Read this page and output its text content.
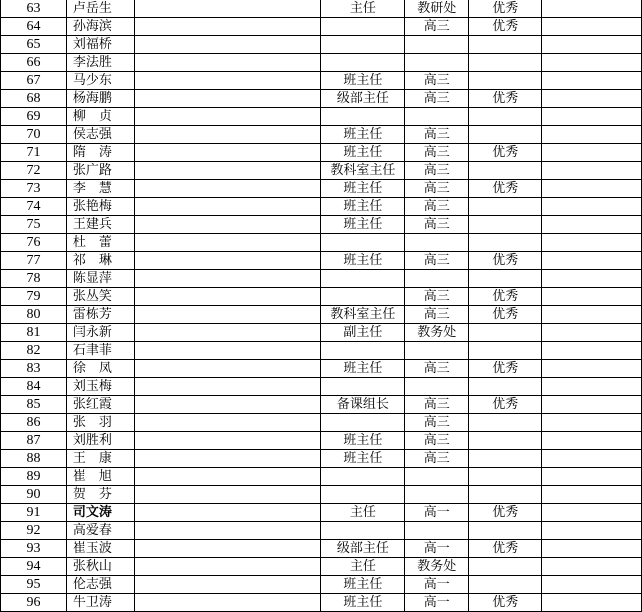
63	卢岳生		主任	教研处	优秀	
64	孙海滨			高三	优秀	
65	刘福桥					
66	李法胜					
67	马少东		班主任	高三		
68	杨海鹏		级部主任	高三	优秀	
69	柳　贞					
70	侯志强		班主任	高三		
71	隋　涛		班主任	高三	优秀	
72	张广路		教科室主任	高三		
73	李　慧		班主任	高三	优秀	
74	张艳梅		班主任	高三		
75	王建兵		班主任	高三		
76	杜　蕾					
77	祁　琳		班主任	高三	优秀	
78	陈显萍					
79	张丛笑			高三	优秀	
80	雷栋芳		教科室主任	高三	优秀	
81	闫永新		副主任	教务处		
82	石聿菲					
83	徐　凤		班主任	高三	优秀	
84	刘玉梅					
85	张红霞		备课组长	高三	优秀	
86	张　羽			高三		
87	刘胜利		班主任	高三		
88	王　康		班主任	高三		
89	崔　旭					
90	贺　芬					
91	司文涛		主任	高一	优秀	
92	高爱春					
93	崔玉波		级部主任	高一	优秀	
94	张秋山		主任	教务处		
95	伦志强		班主任	高一		
96	牛卫涛		班主任	高一	优秀	
